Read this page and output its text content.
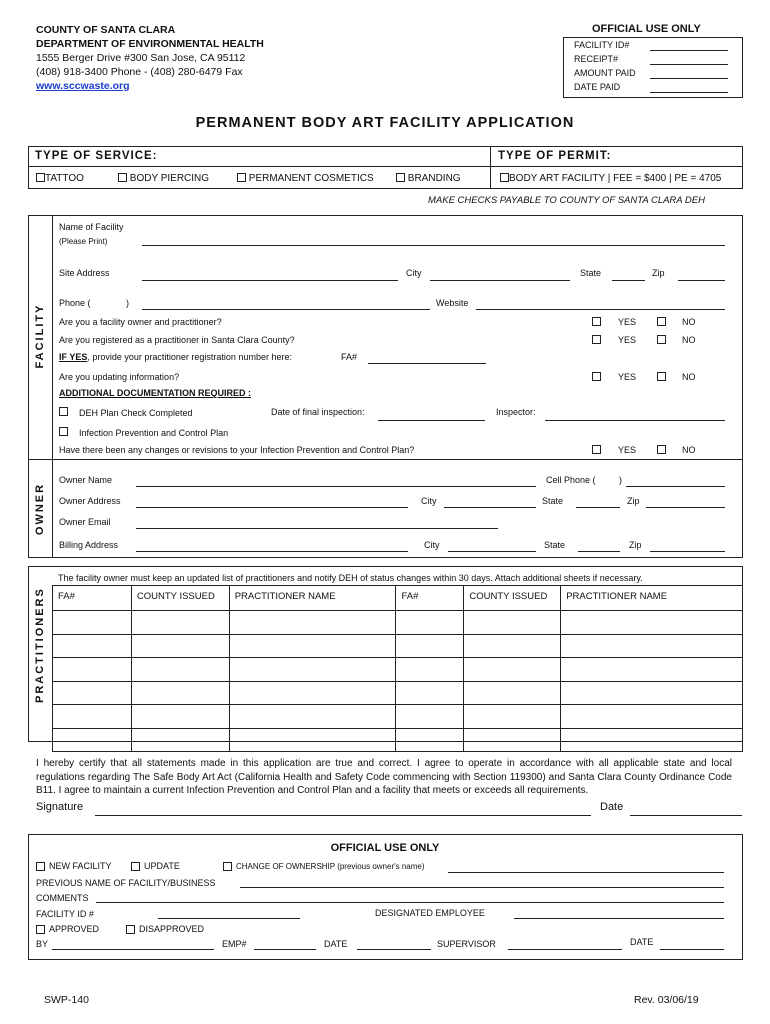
COUNTY OF SANTA CLARA
DEPARTMENT OF ENVIRONMENTAL HEALTH
1555 Berger Drive #300 San Jose, CA 95112
(408) 918-3400 Phone - (408) 280-6479 Fax
www.sccwaste.org
OFFICIAL USE ONLY
FACILITY ID#
RECEIPT#
AMOUNT PAID
DATE PAID
PERMANENT BODY ART FACILITY APPLICATION
TYPE OF SERVICE:	TYPE OF PERMIT:
TATTOO	BODY PIERCING	PERMANENT COSMETICS	BRANDING	BODY ART FACILITY | FEE = $400 | PE = 4705
MAKE CHECKS PAYABLE TO COUNTY OF SANTA CLARA DEH
FACILITY
Name of Facility
(Please Print)
Site Address	City	State	Zip
Phone (	)	Website
Are you a facility owner and practitioner?	YES	NO
Are you registered as a practitioner in Santa Clara County?	YES	NO
IF YES, provide your practitioner registration number here:	FA#
Are you updating information?	YES	NO
ADDITIONAL DOCUMENTATION REQUIRED :
DEH Plan Check Completed	Date of final inspection:	Inspector:
Infection Prevention and Control Plan
Have there been any changes or revisions to your Infection Prevention and Control Plan?	YES	NO
OWNER
Owner Name	Cell Phone (	)
Owner Address	City	State	Zip
Owner Email
Billing Address	City	State	Zip
PRACTITIONERS
The facility owner must keep an updated list of practitioners and notify DEH of status changes within 30 days. Attach additional sheets if necessary.
FA#	COUNTY ISSUED	PRACTITIONER NAME	FA#	COUNTY ISSUED	PRACTITIONER NAME

I hereby certify that all statements made in this application are true and correct. I agree to operate in accordance with all applicable state and local regulations regarding The Safe Body Art Act (California Health and Safety Code commencing with Section 119300) and Santa Clara County Ordinance Code B11. I agree to maintain a current Infection Prevention and Control Plan and a facility that meets or exceeds all requirements.
Signature	Date
OFFICIAL USE ONLY
NEW FACILITY	UPDATE	CHANGE OF OWNERSHIP (previous owner's name)
PREVIOUS NAME OF FACILITY/BUSINESS
COMMENTS
FACILITY ID #	DESIGNATED EMPLOYEE
APPROVED	DISAPPROVED
BY	EMP#	DATE	SUPERVISOR	DATE
SWP-140	Rev. 03/06/19
